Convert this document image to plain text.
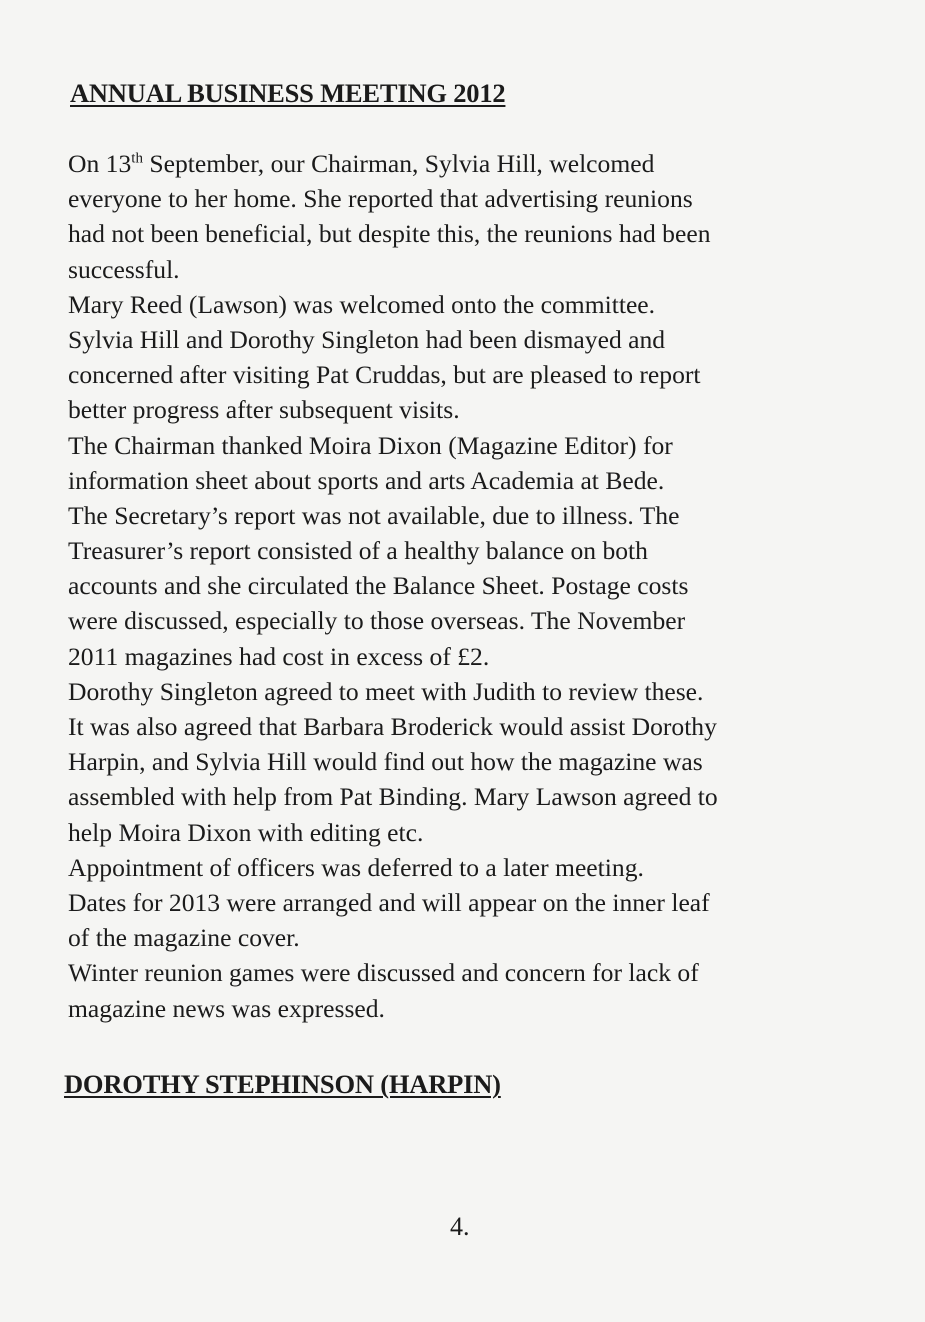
ANNUAL BUSINESS MEETING 2012
On 13th September, our Chairman, Sylvia Hill, welcomed
everyone to her home. She reported that advertising reunions
had not been beneficial, but despite this, the reunions had been
successful.
Mary Reed (Lawson) was welcomed onto the committee.
Sylvia Hill and Dorothy Singleton had been dismayed and
concerned after visiting Pat Cruddas, but are pleased to report
better progress after subsequent visits.
The Chairman thanked Moira Dixon (Magazine Editor) for
information sheet about sports and arts Academia at Bede.
The Secretary’s report was not available, due to illness. The
Treasurer’s report consisted of a healthy balance on both
accounts and she circulated the Balance Sheet. Postage costs
were discussed, especially to those overseas. The November
2011 magazines had cost in excess of £2.
Dorothy Singleton agreed to meet with Judith to review these.
It was also agreed that Barbara Broderick would assist Dorothy
Harpin, and Sylvia Hill would find out how the magazine was
assembled with help from Pat Binding. Mary Lawson agreed to
help Moira Dixon with editing etc.
Appointment of officers was deferred to a later meeting.
Dates for 2013 were arranged and will appear on the inner leaf
of the magazine cover.
Winter reunion games were discussed and concern for lack of
magazine news was expressed.
DOROTHY STEPHINSON (HARPIN)
4.
